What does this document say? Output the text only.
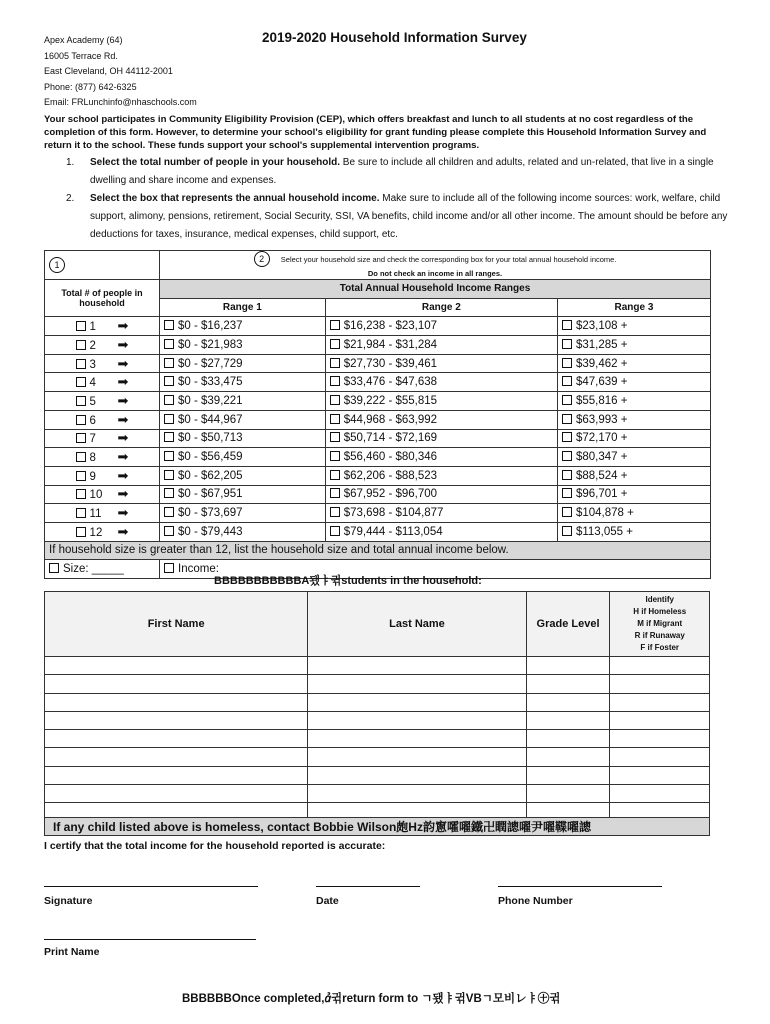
Apex Academy (64)
16005 Terrace Rd.
East Cleveland, OH 44112-2001
Phone: (877) 642-6325
Email: FRLunchinfo@nhaschools.com
2019-2020 Household Information Survey
Your school participates in Community Eligibility Provision (CEP), which offers breakfast and lunch to all students at no cost regardless of the completion of this form. However, to determine your school's eligibility for grant funding please complete this Household Information Survey and return it to the school. These funds support your school's supplemental intervention programs.
1.	Select the total number of people in your household. Be sure to include all children and adults, related and un-related, that live in a single dwelling and share income and expenses.
2.	Select the box that represents the annual household income. Make sure to include all of the following income sources: work, welfare, child support, alimony, pensions, retirement, Social Security, SSI, VA benefits, child income and/or all other income. The amount should be before any deductions for taxes, insurance, medical expenses, child support, etc.
1	2 Select your household size and check the corresponding box for your total annual household income.
Do not check an income in all ranges.		
Total # of people in household	Total Annual Household Income Ranges		
	Range 1	Range 2	Range 3
1 ➡	$0 - $16,237	$16,238 - $23,107	$23,108 +
2 ➡	$0 - $21,983	$21,984 - $31,284	$31,285 +
3 ➡	$0 - $27,729	$27,730 - $39,461	$39,462 +
4 ➡	$0 - $33,475	$33,476 - $47,638	$47,639 +
5 ➡	$0 - $39,221	$39,222 - $55,815	$55,816 +
6 ➡	$0 - $44,967	$44,968 - $63,992	$63,993 +
7 ➡	$0 - $50,713	$50,714 - $72,169	$72,170 +
8 ➡	$0 - $56,459	$56,460 - $80,346	$80,347 +
9 ➡	$0 - $62,205	$62,206 - $88,523	$88,524 +
10 ➡	$0 - $67,951	$67,952 - $96,700	$96,701 +
11 ➡	$0 - $73,697	$73,698 - $104,877	$104,878 +
12 ➡	$0 - $79,443	$79,444 - $113,054	$113,055 +
If household size is greater than 12, list the household size and total annual income below.			
Size: _____	Income:		
BBBBBBBBBBBA됐ㅑ귂students in the household:
First Name	Last Name	Grade Level	Identify
H if Homeless
M if Migrant
R if Runaway
F if Foster

If any child listed above is homeless, contact Bobbie Wilson皰Hz韵窻嚯嚁鐵卍瞤謥嚁尹嚁鞢嚁謥
I certify that the total income for the household reported is accurate:
Signature	Date	Phone Number
Print Name
BBBBBBOnce completed,ꞻ귂return form to ㄱ됐ㅑ귂VBㄱ모비レㅑ㊉귂
